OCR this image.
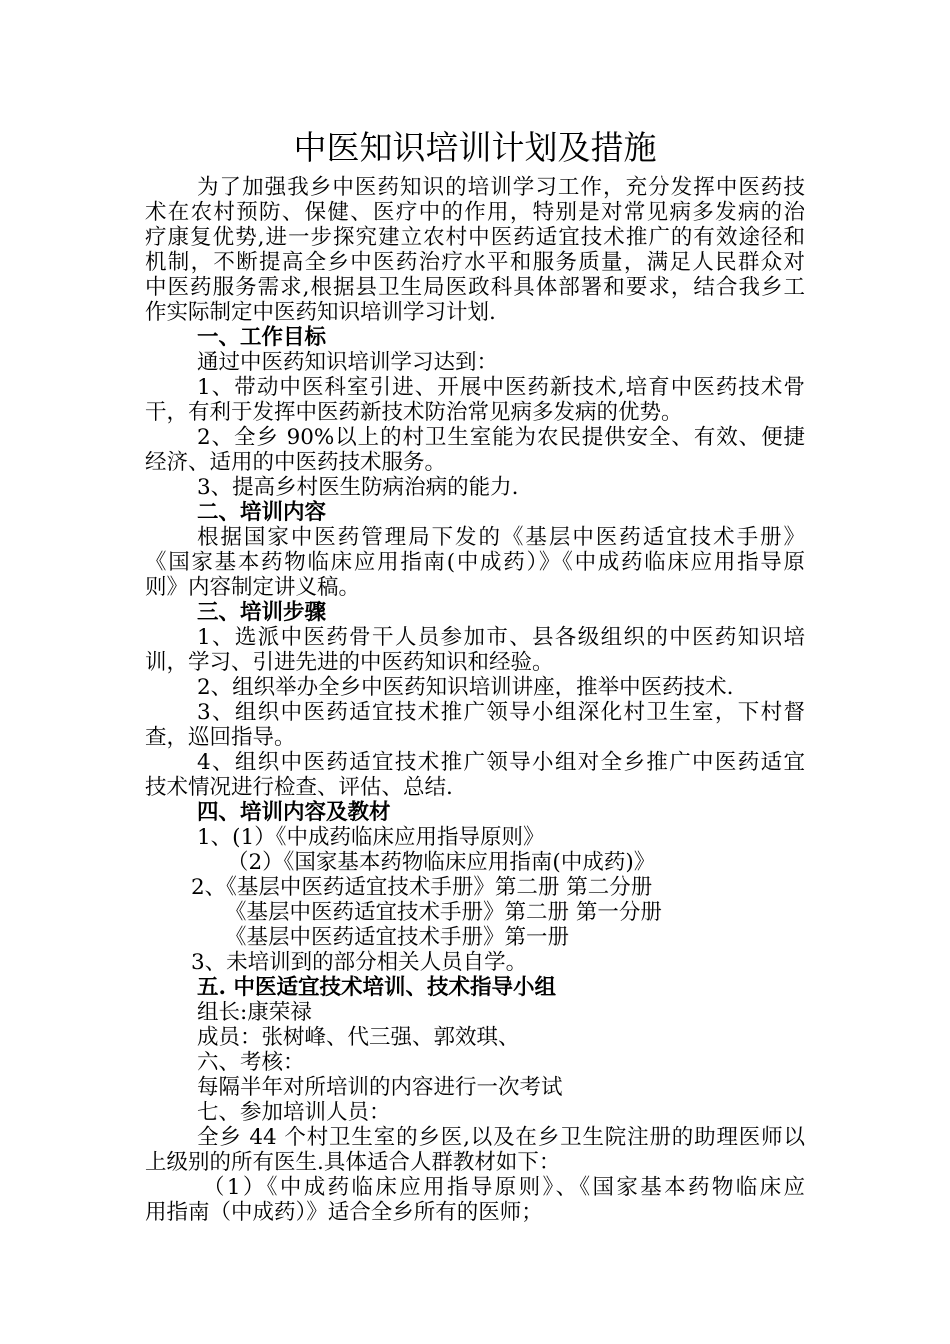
中医知识培训计划及措施
为了加强我乡中医药知识的培训学习工作，充分发挥中医药技
术在农村预防、保健、医疗中的作用，特别是对常见病多发病的治
疗康复优势,进一步探究建立农村中医药适宜技术推广的有效途径和
机制，不断提高全乡中医药治疗水平和服务质量，满足人民群众对
中医药服务需求,根据县卫生局医政科具体部署和要求，结合我乡工
作实际制定中医药知识培训学习计划.
一、工作目标
通过中医药知识培训学习达到：
1、带动中医科室引进、开展中医药新技术,培育中医药技术骨
干，有利于发挥中医药新技术防治常见病多发病的优势。
2、全乡 90%以上的村卫生室能为农民提供安全、有效、便捷
经济、适用的中医药技术服务。
3、提高乡村医生防病治病的能力.
二、培训内容
根据国家中医药管理局下发的《基层中医药适宜技术手册》
《国家基本药物临床应用指南(中成药）》《中成药临床应用指导原
则》内容制定讲义稿。
三、培训步骤
1、选派中医药骨干人员参加市、县各级组织的中医药知识培
训，学习、引进先进的中医药知识和经验。
2、组织举办全乡中医药知识培训讲座，推举中医药技术.
3、组织中医药适宜技术推广领导小组深化村卫生室，下村督
查，巡回指导。
4、组织中医药适宜技术推广领导小组对全乡推广中医药适宜
技术情况进行检查、评估、总结.
四、培训内容及教材
1、(1）《中成药临床应用指导原则》
（2）《国家基本药物临床应用指南(中成药)》
2、《基层中医药适宜技术手册》第二册 第二分册
《基层中医药适宜技术手册》第二册 第一分册
《基层中医药适宜技术手册》第一册
3、未培训到的部分相关人员自学。
五. 中医适宜技术培训、技术指导小组
组长:康荣禄
成员：张树峰、代三强、郭效琪、
六、考核：
每隔半年对所培训的内容进行一次考试
七、参加培训人员：
全乡 44 个村卫生室的乡医,以及在乡卫生院注册的助理医师以
上级别的所有医生.具体适合人群教材如下：
（1）《中成药临床应用指导原则》、《国家基本药物临床应
用指南（中成药）》适合全乡所有的医师；
